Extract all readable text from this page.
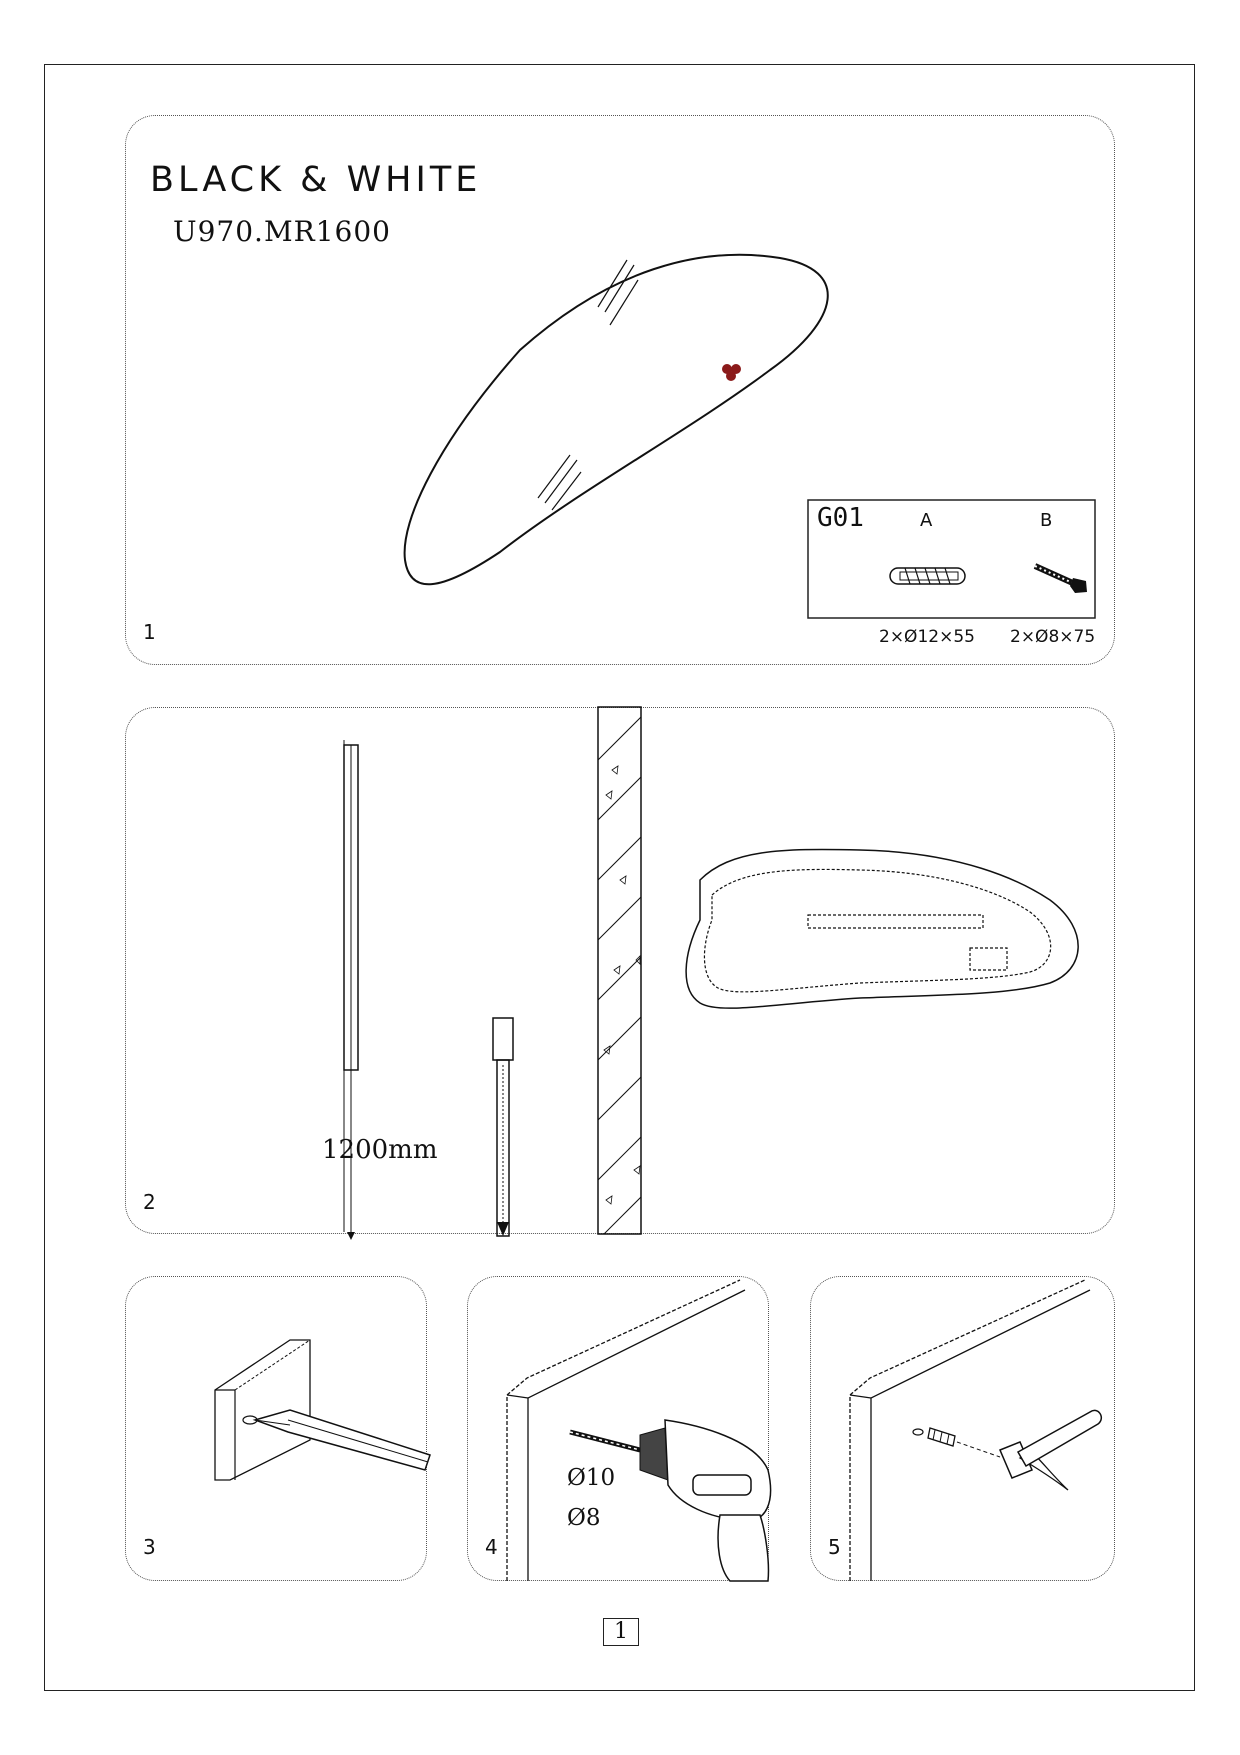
BLACK & WHITE
U970.MR1600
G01	A	B
2×Ø12×55 2×Ø8×75
1
1200mm
2
3
Ø10
Ø8
4	5
1
